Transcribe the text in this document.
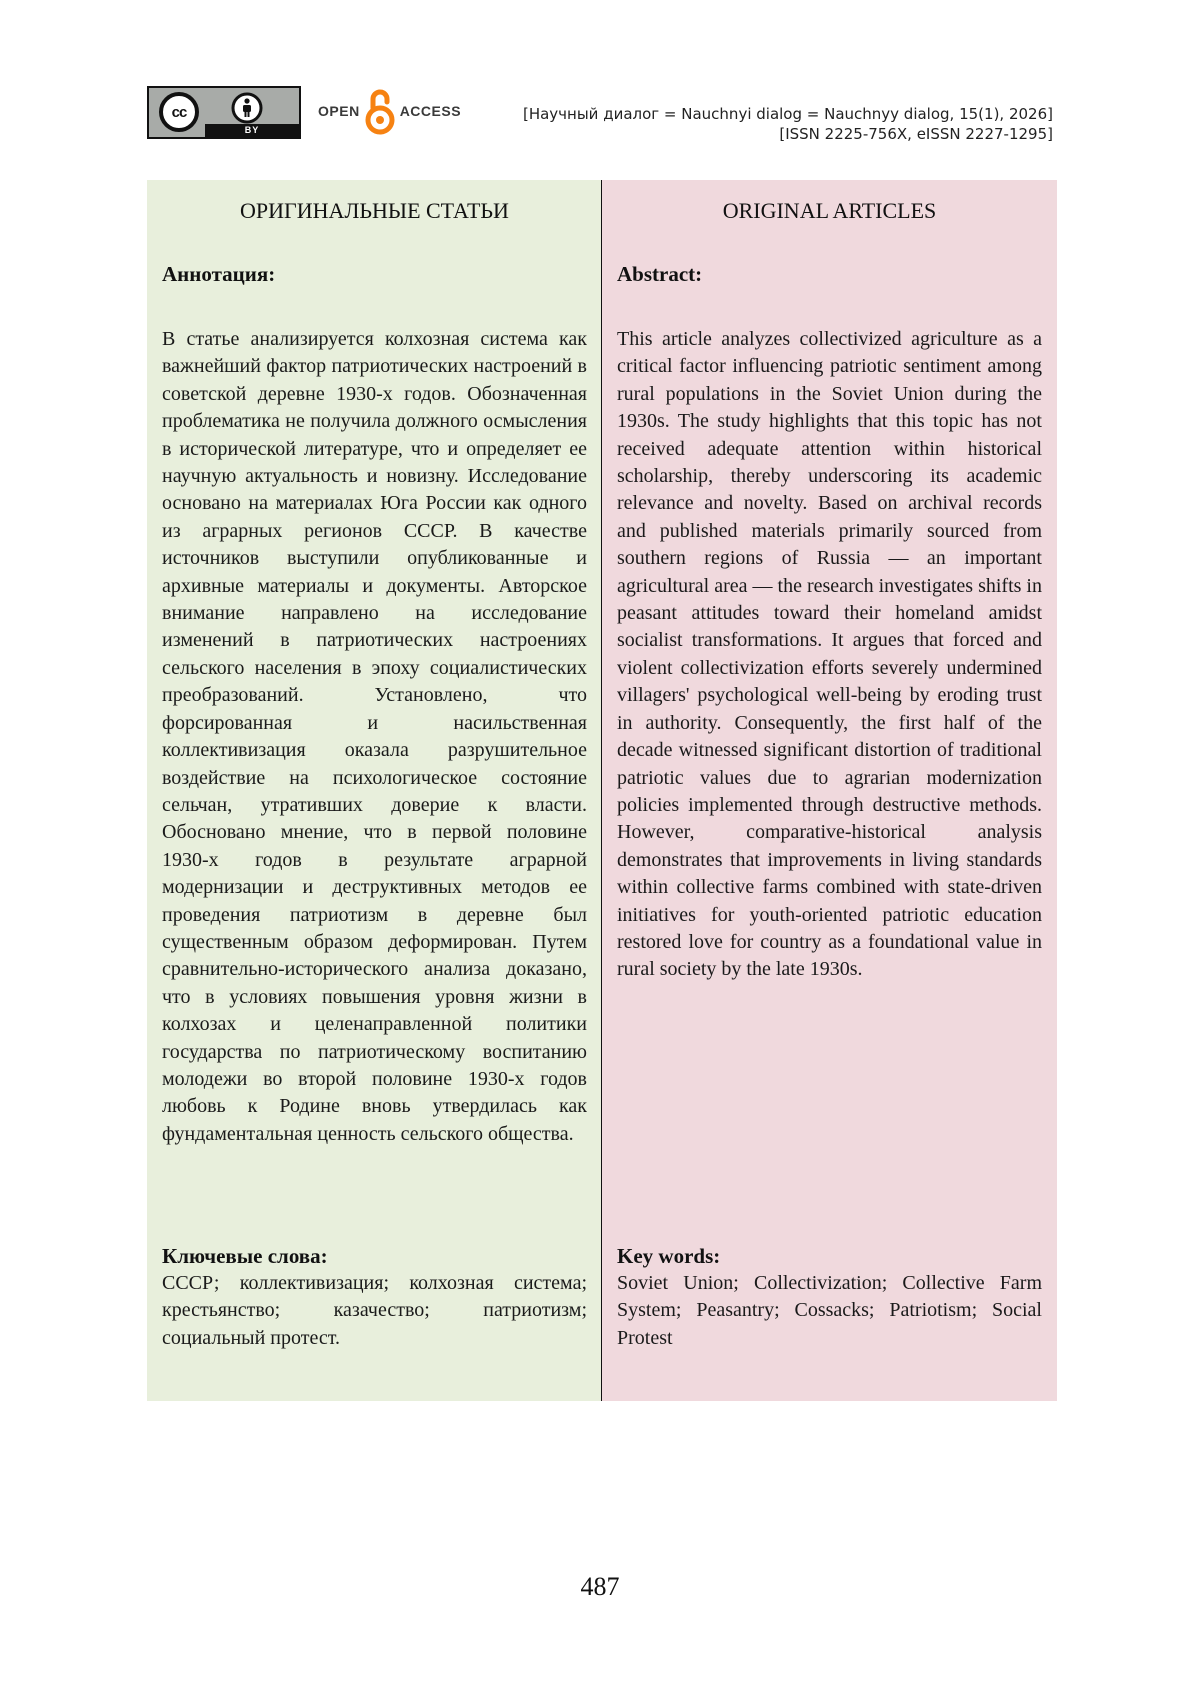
cc
BY
OPEN	ACCESS	[Научный диалог = Nauchnyi dialog = Nauchnyy dialog, 15(1), 2026]
[ISSN 2225-756X, eISSN 2227-1295]
ОРИГИНАЛЬНЫЕ СТАТЬИ
Аннотация:
В статье анализируется колхозная система как важнейший фактор патриотических настроений в советской деревне 1930-х годов. Обозначенная проблематика не получила должного осмысления в исторической литературе, что и определяет ее научную актуальность и новизну. Исследование основано на материалах Юга России как одного из аграрных регионов СССР. В качестве источников выступили опубликованные и архивные материалы и документы. Авторское внимание направлено на исследование изменений в патриотических настроениях сельского населения в эпоху социалистических преобразований. Установлено, что форсированная и насильственная коллективизация оказала разрушительное воздействие на психологическое состояние сельчан, утративших доверие к власти. Обосновано мнение, что в первой половине 1930-х годов в результате аграрной модернизации и деструктивных методов ее проведения патриотизм в деревне был существенным образом деформирован. Путем сравнительно-исторического анализа доказано, что в условиях повышения уровня жизни в колхозах и целенаправленной политики государства по патриотическому воспитанию молодежи во второй половине 1930-х годов любовь к Родине вновь утвердилась как фундаментальная ценность сельского общества.
Ключевые слова:
СССР; коллективизация; колхозная система; крестьянство; казачество; патриотизм; социальный протест.
ORIGINAL ARTICLES
Abstract:
This article analyzes collectivized agriculture as a critical factor influencing patriotic sentiment among rural populations in the Soviet Union during the 1930s. The study highlights that this topic has not received adequate attention within historical scholarship, thereby underscoring its academic relevance and novelty. Based on archival records and published materials primarily sourced from southern regions of Russia — an important agricultural area — the research investigates shifts in peasant attitudes toward their homeland amidst socialist transformations. It argues that forced and violent collectivization efforts severely undermined villagers' psychological well-being by eroding trust in authority. Consequently, the first half of the decade witnessed significant distortion of traditional patriotic values due to agrarian modernization policies implemented through destructive methods. However, comparative-historical analysis demonstrates that improvements in living standards within collective farms combined with state-driven initiatives for youth-oriented patriotic education restored love for country as a foundational value in rural society by the late 1930s.
Key words:
Soviet Union; Collectivization; Collective Farm System; Peasantry; Cossacks; Patriotism; Social Protest
487
